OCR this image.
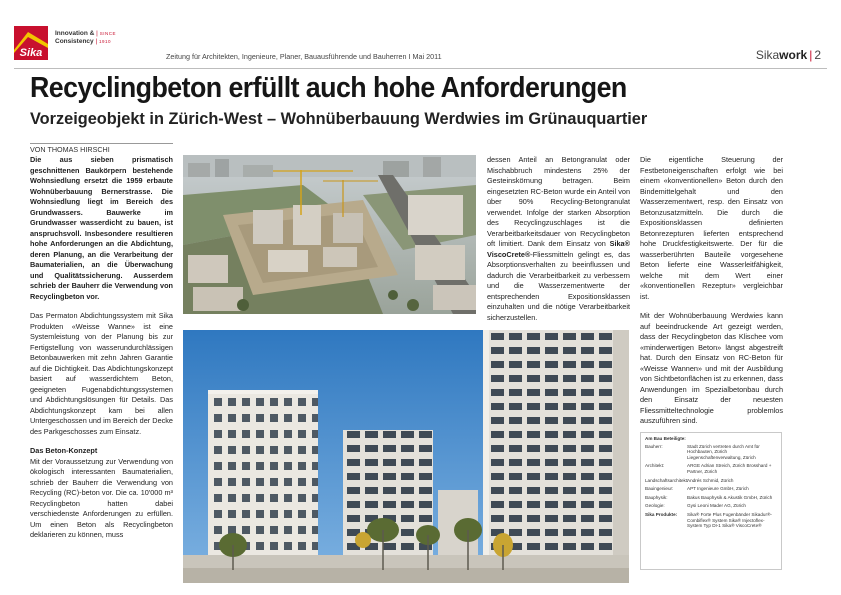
Sika
Innovation & | SINCE
Consistency | 1910
Zeitung für Architekten, Ingenieure, Planer, Bauausführende und Bauherren I Mai 2011	Sikawork | 2
Recyclingbeton erfüllt auch hohe Anforderungen
Vorzeigeobjekt in Zürich-West – Wohnüberbauung Werdwies im Grünauquartier
VON THOMAS HIRSCHI

Die aus sieben prismatisch geschnittenen Baukörpern bestehende Wohnsiedlung ersetzt die 1959 erbaute Wohnüberbauung Bernerstrasse. Die Wohnsiedlung liegt im Bereich des Grundwassers. Bauwerke im Grundwasser wasserdicht zu bauen, ist anspruchsvoll. Insbesondere resultieren hohe Anforderungen an die Abdichtung, deren Planung, an die Verarbeitung der Baumaterialien, an die Überwachung und Qualitätssicherung. Ausserdem schrieb der Bauherr die Verwendung von Recyclingbeton vor.

Das Permaton Abdichtungssystem mit Sika Produkten «Weisse Wanne» ist eine Systemleistung von der Planung bis zur Fertigstellung von wasserundurchlässigen Betonbauwerken mit zehn Jahren Garantie auf die Dichtigkeit. Das Abdichtungskonzept basiert auf wasserdichtem Beton, geeigneten Fugenabdichtungssystemen und Abdichtungslösungen für Details. Das Abdichtungskonzept kam bei allen Untergeschossen und im Bereich der Decke des Parkgeschosses zum Einsatz.

Das Beton-Konzept

Mit der Voraussetzung zur Verwendung von ökologisch interessanten Baumaterialien, schrieb der Bauherr die Verwendung von Recycling (RC)-beton vor. Die ca. 10'000 m³ Recyclingbeton hatten dabei verschiedenste Anforderungen zu erfüllen. Um einen Beton als Recyclingbeton deklarieren zu können, muss

dessen Anteil an Betongranulat oder Mischabbruch mindestens 25% der Gesteinskörnung betragen. Beim eingesetzten RC-Beton wurde ein Anteil von über 90% Recycling-Betongranulat verwendet. Infolge der starken Absorption des Recyclingzuschlages ist die Verarbeitbarkeitsdauer von Recyclingbeton oft limitiert. Dank dem Einsatz von Sika® ViscoCrete®-Fliessmitteln gelingt es, das Absorptionsverhalten zu beeinflussen und dadurch die Verarbeitbarkeit zu verbessern und die Wasserzementwerte der entsprechenden Expositionsklassen einzuhalten und die nötige Verarbeitbarkeit sicherzustellen.

Die eigentliche Steuerung der Festbetoneigenschaften erfolgt wie bei einem «konventionellen» Beton durch den Bindemittelgehalt und den Wasserzementwert, resp. den Einsatz von Betonzusatzmitteln. Die durch die Expositionsklassen definierten Betonrezepturen lieferten entsprechend hohe Druckfestigkeitswerte. Der für die wasserberührten Bauteile vorgesehene Beton lieferte eine Wasserleitfähigkeit, welche mit dem Wert einer «konventionellen Rezeptur» vergleichbar ist.

Mit der Wohnüberbauung Werdwies kann auf beeindruckende Art gezeigt werden, dass der Recyclingbeton das Klischee vom «minderwertigen Beton» längst abgestreift hat. Durch den Einsatz von RC-Beton für «Weisse Wannen» und mit der Ausbildung von Sichtbetonflächen ist zu erkennen, dass Anwendungen im Spezialbetonbau durch den Einsatz der neuesten Fliessmitteltechnologie problemlos auszuführen sind.

Am Bau Beteiligte:
Bauherr:	Stadt Zürich vertreten durch Amt für Hochbauten, Zürich Liegenschaftenverwaltung, Zürich
Architekt:	ARGE Adrian Streich, Zürich Brosshard + Partner, Zürich
Landschaftsarchitekt:
Andrés Schmid, Zürich
Bauingenieur:	APT Ingenieure GmbH, Zürich
Bauphysik:	Bakus Bauphysik & Akustik GmbH, Zürich
Geologie:	Gysi Leoni Mader AG, Zürich
Sika Produkte:	Sika® Forte Plus Fugenbänder Sikadur®-Combiflex® System Sika® Injectoflex-System Typ DI-1 Sika® ViscoCrete®
